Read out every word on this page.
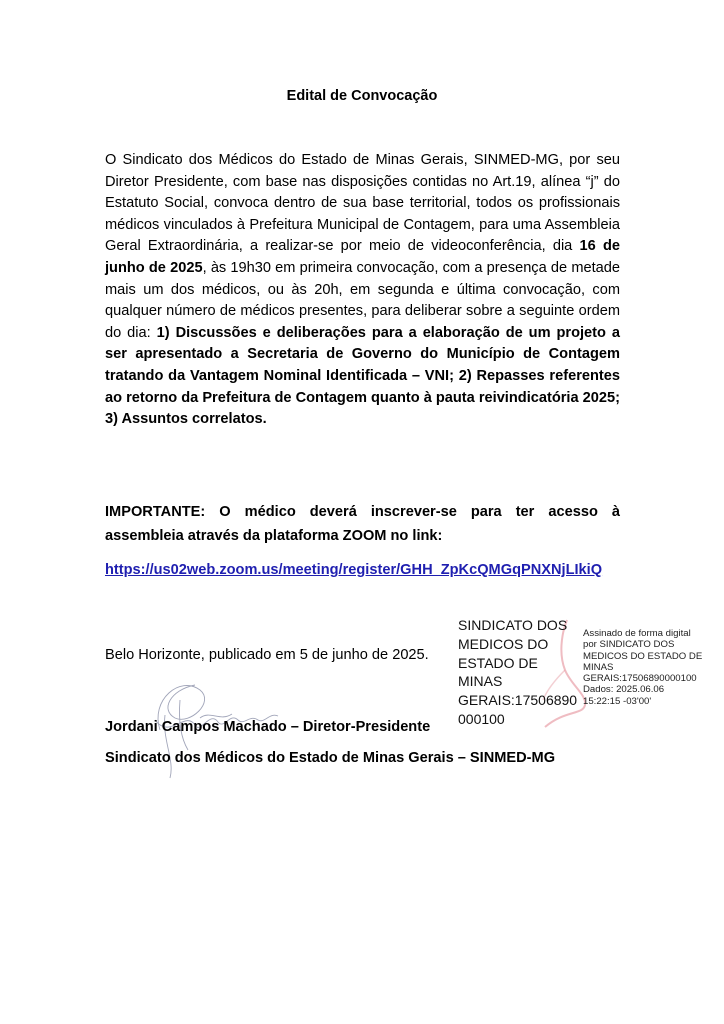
Edital de Convocação
O Sindicato dos Médicos do Estado de Minas Gerais, SINMED-MG, por seu Diretor Presidente, com base nas disposições contidas no Art.19, alínea “j” do Estatuto Social, convoca dentro de sua base territorial, todos os profissionais médicos vinculados à Prefeitura Municipal de Contagem, para uma Assembleia Geral Extraordinária, a realizar-se por meio de videoconferência, dia 16 de junho de 2025, às 19h30 em primeira convocação, com a presença de metade mais um dos médicos, ou às 20h, em segunda e última convocação, com qualquer número de médicos presentes, para deliberar sobre a seguinte ordem do dia: 1) Discussões e deliberações para a elaboração de um projeto a ser apresentado a Secretaria de Governo do Município de Contagem tratando da Vantagem Nominal Identificada – VNI; 2) Repasses referentes ao retorno da Prefeitura de Contagem quanto à pauta reivindicatória 2025; 3) Assuntos correlatos.
IMPORTANTE: O médico deverá inscrever-se para ter acesso à assembleia através da plataforma ZOOM no link:
https://us02web.zoom.us/meeting/register/GHH_ZpKcQMGqPNXNjLIkiQ
Belo Horizonte, publicado em 5 de junho de 2025.
Jordani Campos Machado – Diretor-Presidente
Sindicato dos Médicos do Estado de Minas Gerais – SINMED-MG
SINDICATO DOS
MEDICOS DO
ESTADO DE
MINAS
GERAIS:17506890
000100
Assinado de forma digital
por SINDICATO DOS
MEDICOS DO ESTADO DE
MINAS
GERAIS:17506890000100
Dados: 2025.06.06
15:22:15 -03'00'
